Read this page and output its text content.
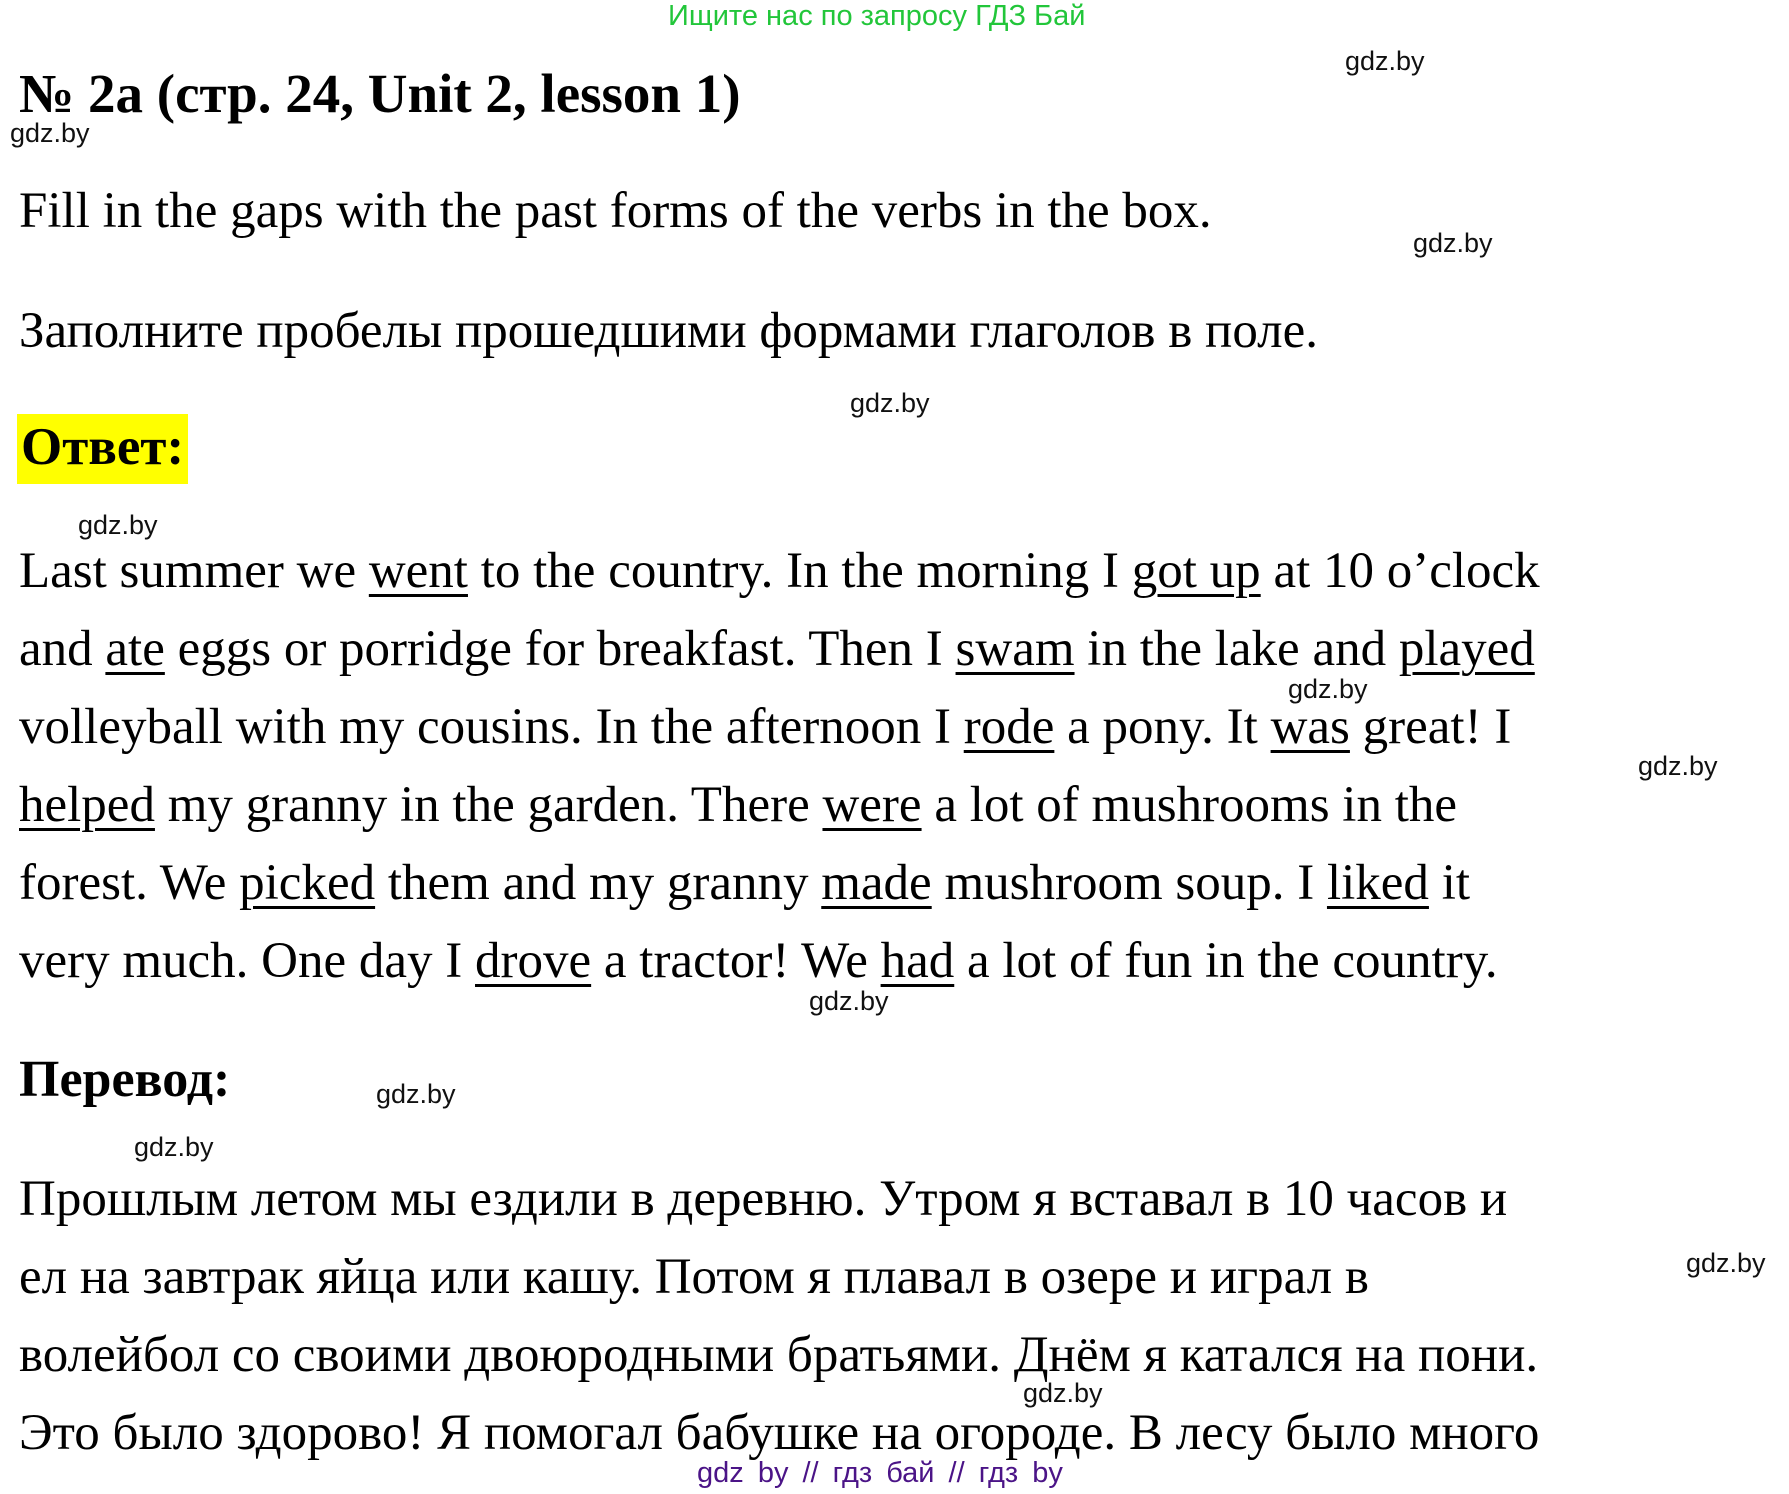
Ищите нас по запросу ГДЗ Бай
№ 2а (стр. 24, Unit 2, lesson 1)
Fill in the gaps with the past forms of the verbs in the box.
Заполните пробелы прошедшими формами глаголов в поле.
Ответ:
Last summer we went to the country. In the morning I got up at 10 o’clock
and ate eggs or porridge for breakfast. Then I swam in the lake and played
volleyball with my cousins. In the afternoon I rode a pony. It was great! I
helped my granny in the garden. There were a lot of mushrooms in the
forest. We picked them and my granny made mushroom soup. I liked it
very much. One day I drove a tractor! We had a lot of fun in the country.
Перевод:
Прошлым летом мы ездили в деревню. Утром я вставал в 10 часов и
ел на завтрак яйца или кашу. Потом я плавал в озере и играл в
волейбол со своими двоюродными братьями. Днём я катался на пони.
Это было здорово! Я помогал бабушке на огороде. В лесу было много
gdz.by
gdz.by
gdz.by
gdz.by
gdz.by
gdz.by
gdz.by
gdz.by
gdz.by
gdz.by
gdz.by
gdz.by
gdz by // гдз бай // гдз by
